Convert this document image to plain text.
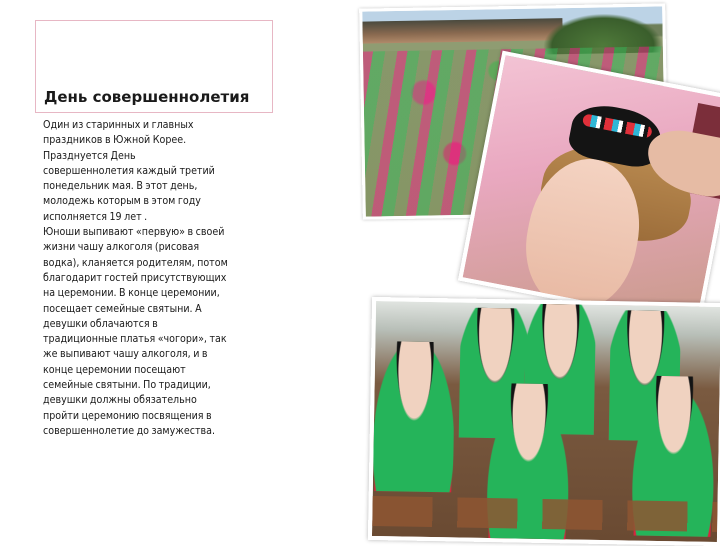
День совершеннолетия

Один из старинных и главных
праздников в Южной Корее.
Празднуется День
совершеннолетия каждый третий
понедельник мая. В этот день,
молодежь которым в этом году
исполняется 19 лет .
Юноши выпивают «первую» в своей
жизни чашу алкоголя (рисовая
водка), кланяется родителям, потом
благодарит гостей присутствующих
на церемонии. В конце церемонии,
посещает семейные святыни. А
девушки облачаются в
традиционные платья «чогори», так
же выпивают чашу алкоголя, и в
конце церемонии посещают
семейные святыни. По традиции,
девушки должны обязательно
пройти церемонию посвящения в
совершеннолетие до замужества.
